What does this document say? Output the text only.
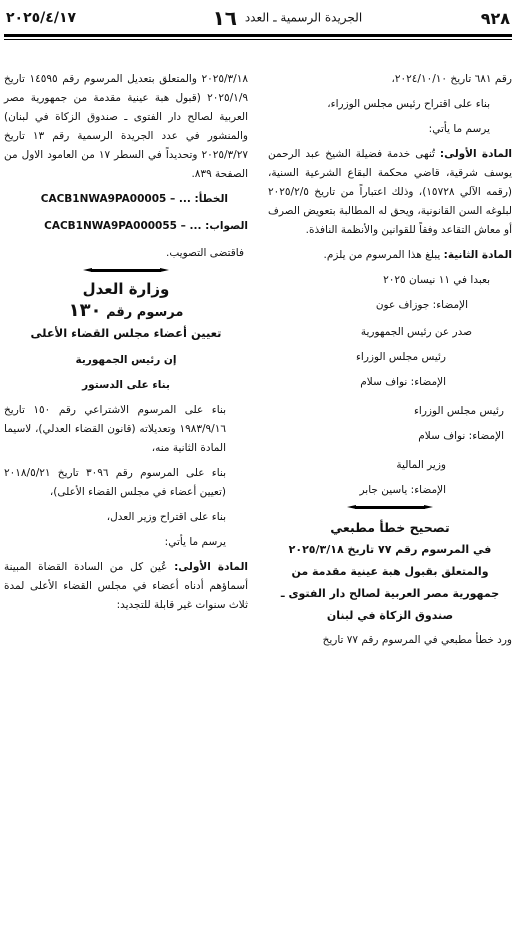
٢٠٢٥/٤/١٧	الجريدة الرسمية ـ العدد ١٦	٩٢٨

رقم ٦٨١ تاريخ ٢٠٢٤/١٠/١٠،

بناء على اقتراح رئيس مجلس الوزراء،

يرسم ما يأتي:

المادة الأولى: تُنهى خدمة فضيلة الشيخ عبد الرحمن يوسف شرقية، قاضي محكمة البقاع الشرعية السنية، (رقمه الآلي ١٥٧٢٨)، وذلك اعتباراً من تاريخ ٢٠٢٥/٢/٥ لبلوغه السن القانونية، ويحق له المطالبة بتعويض الصرف أو معاش التقاعد وفقاً للقوانين والأنظمة النافذة.

المادة الثانية: يبلغ هذا المرسوم من يلزم.

بعبدا في ١١ نيسان ٢٠٢٥

الإمضاء: جوزاف عون

صدر عن رئيس الجمهورية

رئيس مجلس الوزراء

الإمضاء: نواف سلام

رئيس مجلس الوزراء

الإمضاء: نواف سلام

وزير المالية

الإمضاء: ياسين جابر

تصحيح خطأ مطبعي
في المرسوم رقم ٧٧ تاريخ ٢٠٢٥/٣/١٨
والمتعلق بقبول هبة عينية مقدمة من
جمهورية مصر العربية لصالح دار الفتوى ـ
صندوق الزكاة في لبنان

ورد خطأ مطبعي في المرسوم رقم ٧٧ تاريخ

٢٠٢٥/٣/١٨ والمتعلق بتعديل المرسوم رقم ١٤٥٩٥ تاريخ ٢٠٢٥/١/٩ (قبول هبة عينية مقدمة من جمهورية مصر العربية لصالح دار الفتوى ـ صندوق الزكاة في لبنان) والمنشور في عدد الجريدة الرسمية رقم ١٣ تاريخ ٢٠٢٥/٣/٢٧ وتحديداً في السطر ١٧ من العامود الاول من الصفحة ٨٣٩.

الخطأ: ... – CACB1NWA9PA00005

الصواب: ... – CACB1NWA9PA000055

فاقتضى التصويب.

وزارة العدل
مرسوم رقم ١٣٠
تعيين أعضاء مجلس القضاء الأعلى

إن رئيس الجمهورية

بناء على الدستور

بناء على المرسوم الاشتراعي رقم ١٥٠ تاريخ ١٩٨٣/٩/١٦ وتعديلاته (قانون القضاء العدلي)، لاسيما المادة الثانية منه،

بناء على المرسوم رقم ٣٠٩٦ تاريخ ٢٠١٨/٥/٢١ (تعيين أعضاء في مجلس القضاء الأعلى)،

بناء على اقتراح وزير العدل،

يرسم ما يأتي:

المادة الأولى: عُين كل من السادة القضاة المبينة أسماؤهم أدناه أعضاء في مجلس القضاء الأعلى لمدة ثلاث سنوات غير قابلة للتجديد:
